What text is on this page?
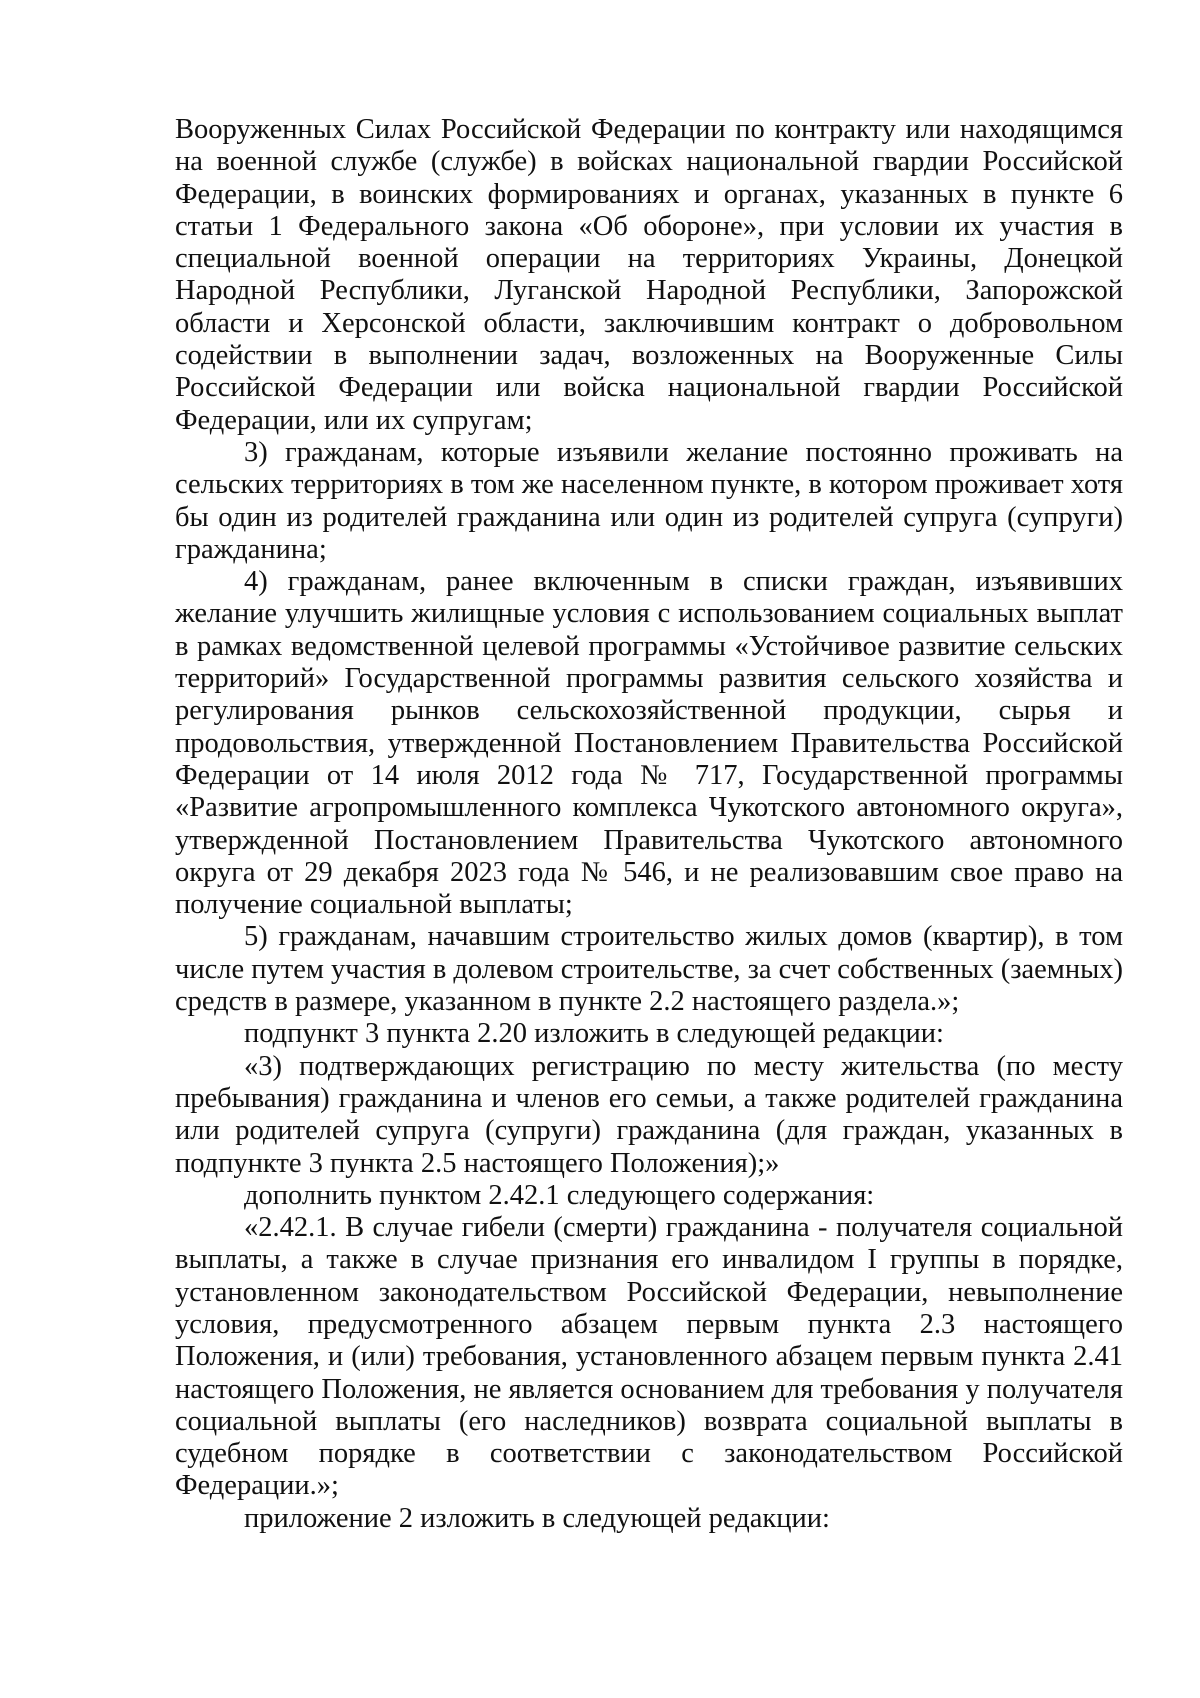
Вооруженных Силах Российской Федерации по контракту или находящимся на военной службе (службе) в войсках национальной гвардии Российской Федерации, в воинских формированиях и органах, указанных в пункте 6 статьи 1 Федерального закона «Об обороне», при условии их участия в специальной военной операции на территориях Украины, Донецкой Народной Республики, Луганской Народной Республики, Запорожской области и Херсонской области, заключившим контракт о добровольном содействии в выполнении задач, возложенных на Вооруженные Силы Российской Федерации или войска национальной гвардии Российской Федерации, или их супругам;

3) гражданам, которые изъявили желание постоянно проживать на сельских территориях в том же населенном пункте, в котором проживает хотя бы один из родителей гражданина или один из родителей супруга (супруги) гражданина;

4) гражданам, ранее включенным в списки граждан, изъявивших желание улучшить жилищные условия с использованием социальных выплат в рамках ведомственной целевой программы «Устойчивое развитие сельских территорий» Государственной программы развития сельского хозяйства и регулирования рынков сельскохозяйственной продукции, сырья и продовольствия, утвержденной Постановлением Правительства Российской Федерации от 14 июля 2012 года № 717, Государственной программы «Развитие агропромышленного комплекса Чукотского автономного округа», утвержденной Постановлением Правительства Чукотского автономного округа от 29 декабря 2023 года № 546, и не реализовавшим свое право на получение социальной выплаты;

5) гражданам, начавшим строительство жилых домов (квартир), в том числе путем участия в долевом строительстве, за счет собственных (заемных) средств в размере, указанном в пункте 2.2 настоящего раздела.»;

подпункт 3 пункта 2.20 изложить в следующей редакции:

«3) подтверждающих регистрацию по месту жительства (по месту пребывания) гражданина и членов его семьи, а также родителей гражданина или родителей супруга (супруги) гражданина (для граждан, указанных в подпункте 3 пункта 2.5 настоящего Положения);»

дополнить пунктом 2.42.1 следующего содержания:

«2.42.1. В случае гибели (смерти) гражданина - получателя социальной выплаты, а также в случае признания его инвалидом I группы в порядке, установленном законодательством Российской Федерации, невыполнение условия, предусмотренного абзацем первым пункта 2.3 настоящего Положения, и (или) требования, установленного абзацем первым пункта 2.41 настоящего Положения, не является основанием для требования у получателя социальной выплаты (его наследников) возврата социальной выплаты в судебном порядке в соответствии с законодательством Российской Федерации.»;

приложение 2 изложить в следующей редакции:
